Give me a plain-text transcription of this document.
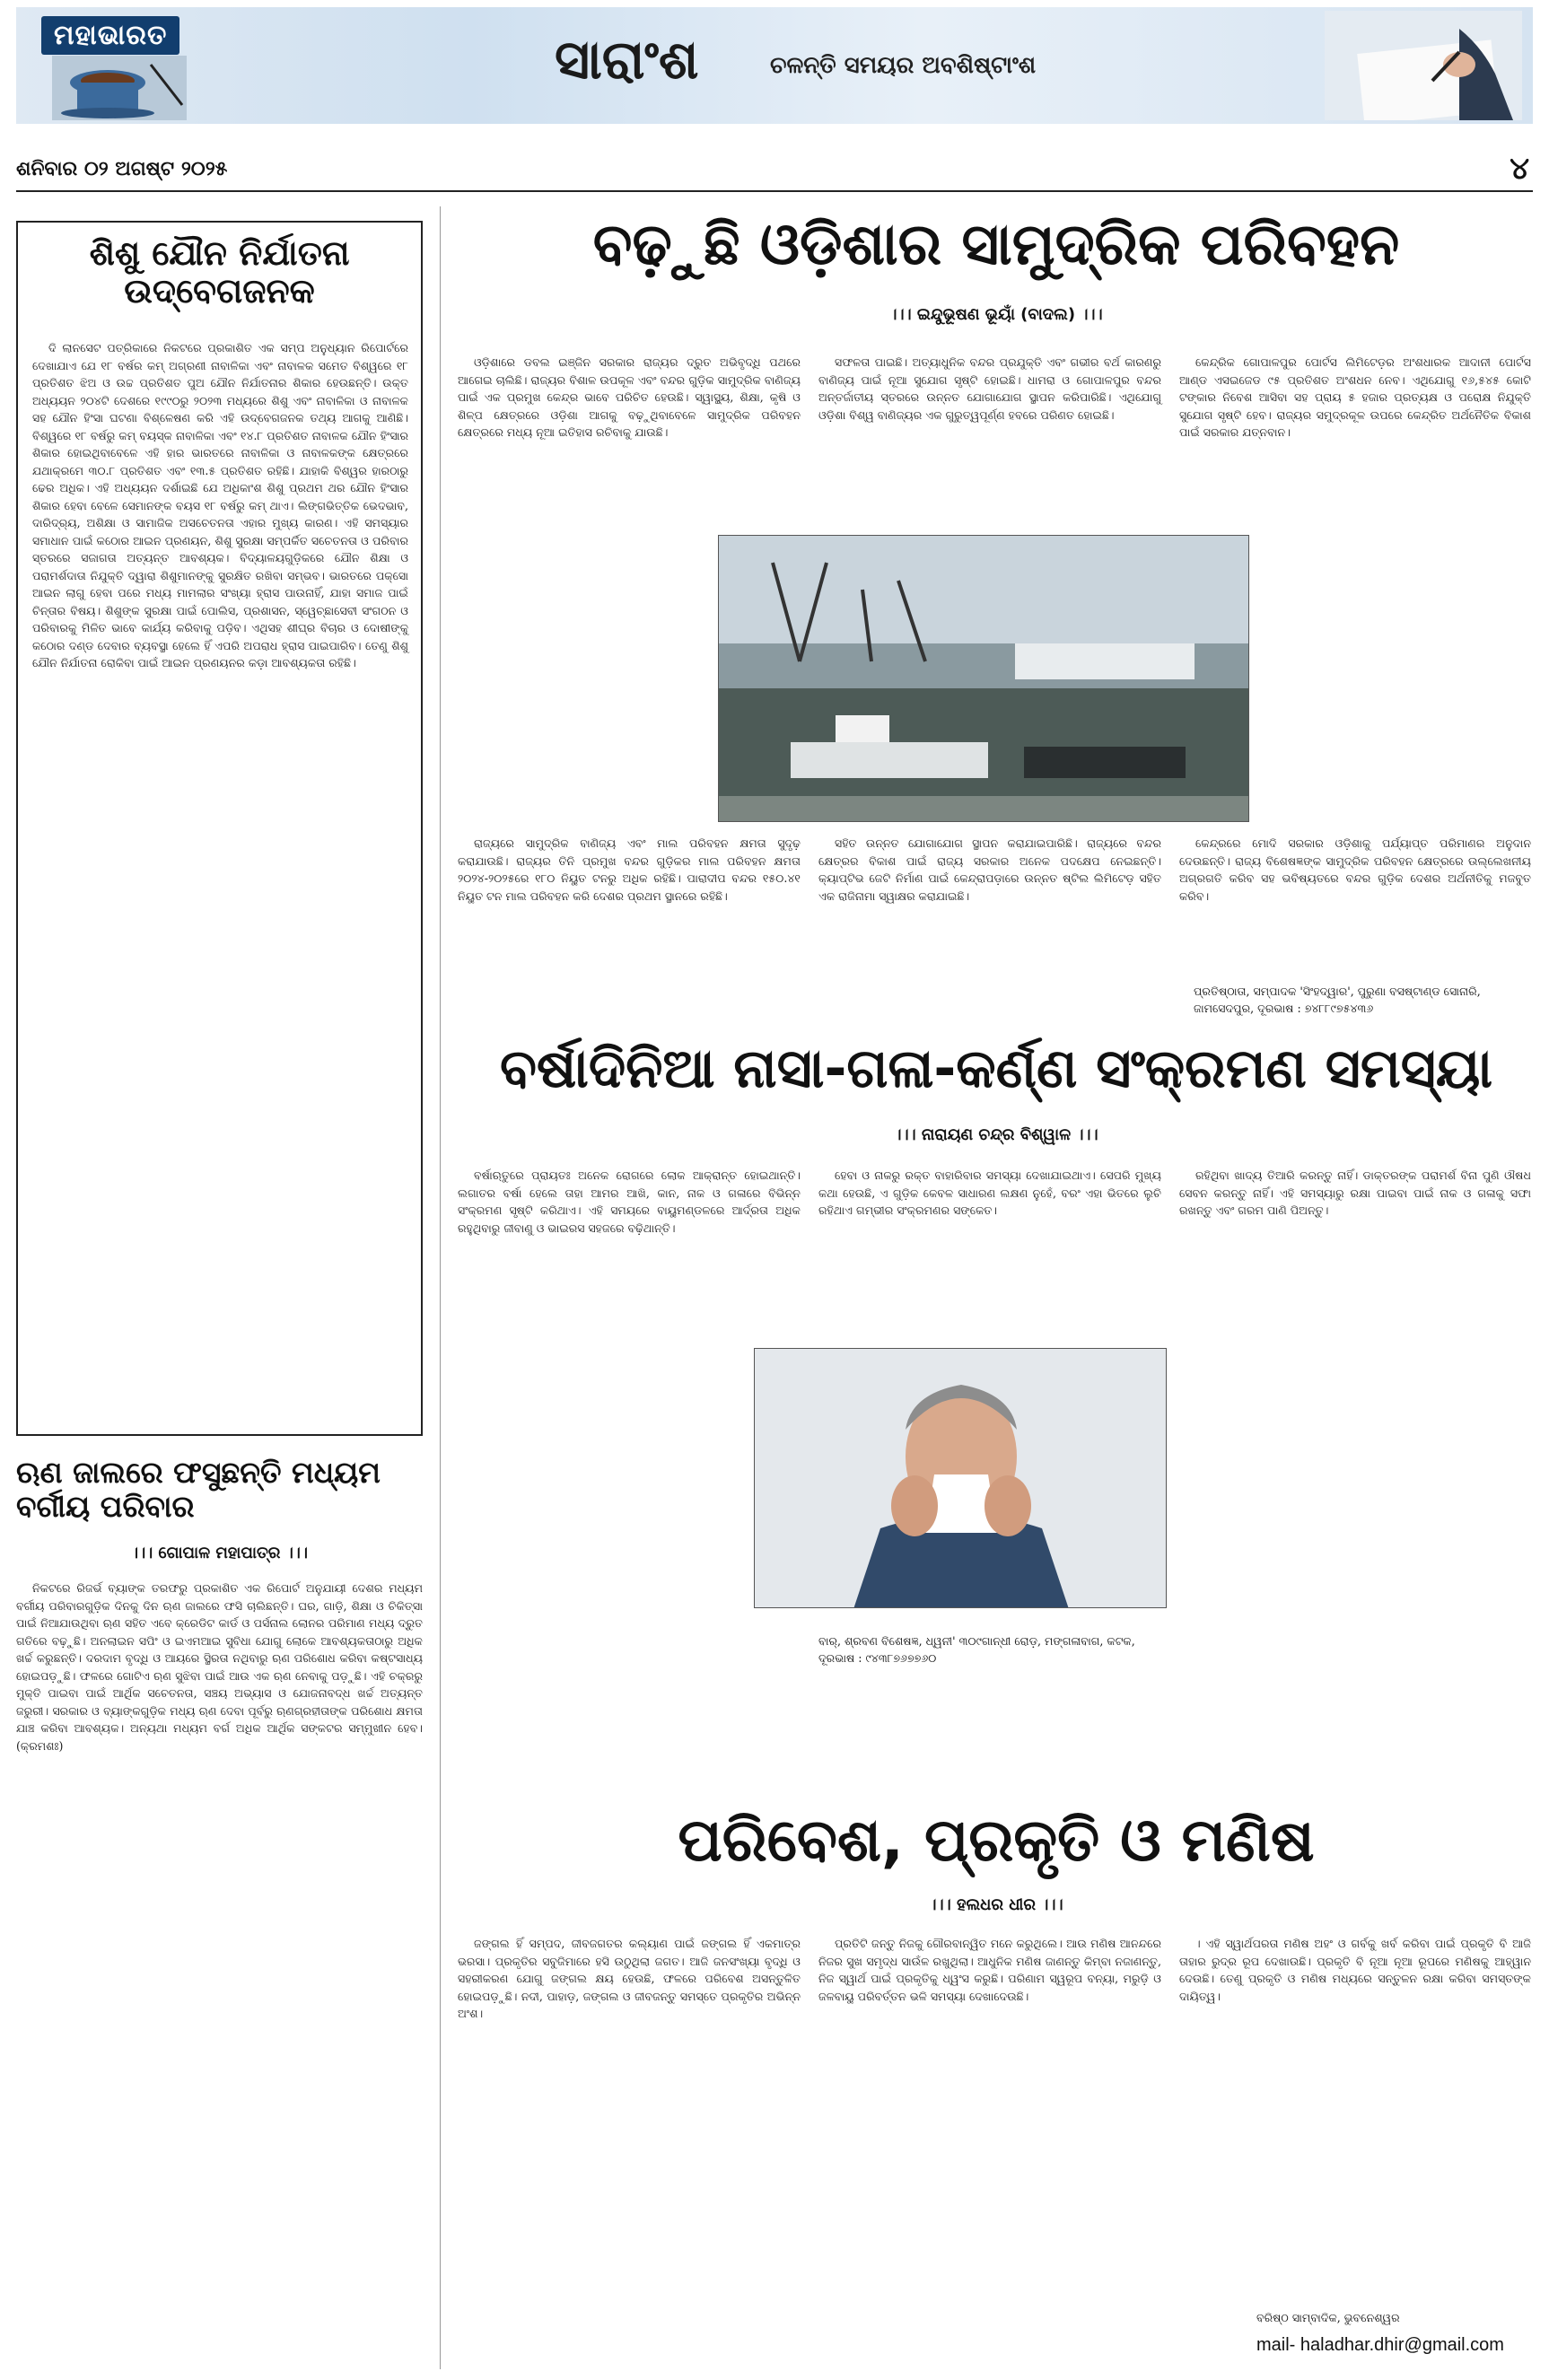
ମହାଭାରତ	ସାରାଂଶ	ଚଳନ୍ତି ସମୟର ଅବଶିଷ୍ଟାଂଶ
ଶନିବାର ୦୨ ଅଗଷ୍ଟ ୨୦୨୫	୪
ଶିଶୁ ଯୌନ ନିର୍ଯାତନା ଉଦ୍‌ବେଗଜନକ

ଦି ଲାନସେଟ ପତ୍ରିକାରେ ନିକଟରେ ପ୍ରକାଶିତ ଏକ ସମ୍ପ ଅନୁଧ୍ୟାନ ରିପୋର୍ଟରେ ଦେଖାଯାଏ ଯେ ୧୮ ବର୍ଷର କମ୍ ଅଗ୍ରଣୀ ନାବାଳିକା ଏବଂ ନାବାଳକ ସମେତ ବିଶ୍ୱରେ ୧୮ ପ୍ରତିଶତ ଝିଅ ଓ ଉଚ୍ଚ ପ୍ରତିଶତ ପୁଅ ଯୌନ ନିର୍ଯାତନାର ଶିକାର ହେଉଛନ୍ତି। ଉକ୍ତ ଅଧ୍ୟୟନ ୨୦୪ଟି ଦେଶରେ ୧୯୯୦ରୁ ୨୦୨୩ ମଧ୍ୟରେ ଶିଶୁ ଏବଂ ନାବାଳିକା ଓ ନାବାଳକ ସହ ଯୌନ ହିଂସା ଘଟଣା ବିଶ୍ଳେଷଣ କରି ଏହି ଉଦ୍‌ବେଗଜନକ ତଥ୍ୟ ଆଗକୁ ଆଣିଛି। ବିଶ୍ୱରେ ୧୮ ବର୍ଷରୁ କମ୍ ବୟସ୍କ ନାବାଳିକା ଏବଂ ୧୪.୮ ପ୍ରତିଶତ ନାବାଳକ ଯୌନ ହିଂସାର ଶିକାର ହୋଇଥିବାବେଳେ ଏହି ହାର ଭାରତରେ ନାବାଳିକା ଓ ନାବାଳକଙ୍କ କ୍ଷେତ୍ରରେ ଯଥାକ୍ରମେ ୩୦.୮ ପ୍ରତିଶତ ଏବଂ ୧୩.୫ ପ୍ରତିଶତ ରହିଛି। ଯାହାକି ବିଶ୍ୱର ହାରଠାରୁ ଢେର ଅଧିକ। ଏହି ଅଧ୍ୟୟନ ଦର୍ଶାଇଛି ଯେ ଅଧିକାଂଶ ଶିଶୁ ପ୍ରଥମ ଥର ଯୌନ ହିଂସାର ଶିକାର ହେବା ବେଳେ ସେମାନଙ୍କ ବୟସ ୧୮ ବର୍ଷରୁ କମ୍ ଥାଏ। ଲିଙ୍ଗଭିତ୍ତିକ ଭେଦଭାବ, ଦାରିଦ୍ର୍ୟ, ଅଶିକ୍ଷା ଓ ସାମାଜିକ ଅସଚେତନତା ଏହାର ମୁଖ୍ୟ କାରଣ। ଏହି ସମସ୍ୟାର ସମାଧାନ ପାଇଁ କଠୋର ଆଇନ ପ୍ରଣୟନ, ଶିଶୁ ସୁରକ୍ଷା ସମ୍ପର୍କିତ ସଚେତନତା ଓ ପରିବାର ସ୍ତରରେ ସଜାଗତା ଅତ୍ୟନ୍ତ ଆବଶ୍ୟକ। ବିଦ୍ୟାଳୟଗୁଡ଼ିକରେ ଯୌନ ଶିକ୍ଷା ଓ ପରାମର୍ଶଦାତା ନିଯୁକ୍ତି ଦ୍ୱାରା ଶିଶୁମାନଙ୍କୁ ସୁରକ୍ଷିତ ରଖିବା ସମ୍ଭବ। ଭାରତରେ ପକ୍ସୋ ଆଇନ ଲାଗୁ ହେବା ପରେ ମଧ୍ୟ ମାମଲାର ସଂଖ୍ୟା ହ୍ରାସ ପାଉନାହିଁ, ଯାହା ସମାଜ ପାଇଁ ଚିନ୍ତାର ବିଷୟ। ଶିଶୁଙ୍କ ସୁରକ୍ଷା ପାଇଁ ପୋଲିସ, ପ୍ରଶାସନ, ସ୍ୱେଚ୍ଛାସେବୀ ସଂଗଠନ ଓ ପରିବାରକୁ ମିଳିତ ଭାବେ କାର୍ଯ୍ୟ କରିବାକୁ ପଡ଼ିବ। ଏଥିସହ ଶୀଘ୍ର ବିଚାର ଓ ଦୋଷୀଙ୍କୁ କଠୋର ଦଣ୍ଡ ଦେବାର ବ୍ୟବସ୍ଥା ହେଲେ ହିଁ ଏପରି ଅପରାଧ ହ୍ରାସ ପାଇପାରିବ। ତେଣୁ ଶିଶୁ ଯୌନ ନିର୍ଯାତନା ରୋକିବା ପାଇଁ ଆଇନ ପ୍ରଣୟନର କଡ଼ା ଆବଶ୍ୟକତା ରହିଛି।

ଋଣ ଜାଲରେ ଫସୁଛନ୍ତି ମଧ୍ୟମ ବର୍ଗୀୟ ପରିବାର
।।। ଗୋପାଳ ମହାପାତ୍ର ।।।

ନିକଟରେ ରିଜର୍ଭ ବ୍ୟାଙ୍କ ତରଫରୁ ପ୍ରକାଶିତ ଏକ ରିପୋର୍ଟ ଅନୁଯାୟୀ ଦେଶର ମଧ୍ୟମ ବର୍ଗୀୟ ପରିବାରଗୁଡ଼ିକ ଦିନକୁ ଦିନ ଋଣ ଜାଲରେ ଫସି ଚାଲିଛନ୍ତି। ଘର, ଗାଡ଼ି, ଶିକ୍ଷା ଓ ଚିକିତ୍ସା ପାଇଁ ନିଆଯାଉଥିବା ଋଣ ସହିତ ଏବେ କ୍ରେଡିଟ କାର୍ଡ ଓ ପର୍ସନାଲ ଲୋନର ପରିମାଣ ମଧ୍ୟ ଦ୍ରୁତ ଗତିରେ ବଢ଼ୁଛି। ଅନଲାଇନ ସପିଂ ଓ ଇଏମଆଇ ସୁବିଧା ଯୋଗୁ ଲୋକେ ଆବଶ୍ୟକତାଠାରୁ ଅଧିକ ଖର୍ଚ୍ଚ କରୁଛନ୍ତି। ଦରଦାମ ବୃଦ୍ଧି ଓ ଆୟରେ ସ୍ଥିରତା ନଥିବାରୁ ଋଣ ପରିଶୋଧ କରିବା କଷ୍ଟସାଧ୍ୟ ହୋଇପଡ଼ୁଛି। ଫଳରେ ଗୋଟିଏ ଋଣ ସୁଝିବା ପାଇଁ ଆଉ ଏକ ଋଣ ନେବାକୁ ପଡ଼ୁଛି। ଏହି ଚକ୍ରରୁ ମୁକ୍ତି ପାଇବା ପାଇଁ ଆର୍ଥିକ ସଚେତନତା, ସଞ୍ଚୟ ଅଭ୍ୟାସ ଓ ଯୋଜନାବଦ୍ଧ ଖର୍ଚ୍ଚ ଅତ୍ୟନ୍ତ ଜରୁରୀ। ସରକାର ଓ ବ୍ୟାଙ୍କଗୁଡ଼ିକ ମଧ୍ୟ ଋଣ ଦେବା ପୂର୍ବରୁ ଋଣଗ୍ରହୀତାଙ୍କ ପରିଶୋଧ କ୍ଷମତା ଯାଞ୍ଚ କରିବା ଆବଶ୍ୟକ। ଅନ୍ୟଥା ମଧ୍ୟମ ବର୍ଗ ଅଧିକ ଆର୍ଥିକ ସଙ୍କଟର ସମ୍ମୁଖୀନ ହେବ। (କ୍ରମଶଃ)

ବଢ଼ୁଛି ଓଡ଼ିଶାର ସାମୁଦ୍ରିକ ପରିବହନ
।।। ଇନ୍ଦୁଭୂଷଣ ଭୂୟାଁ (ବାଦଲ) ।।।

ଓଡ଼ିଶାରେ ଡବଲ ଇଞ୍ଜିନ ସରକାର ରାଜ୍ୟର ଦ୍ରୁତ ଅଭିବୃଦ୍ଧି ପଥରେ ଆଗେଇ ଚାଲିଛି। ରାଜ୍ୟର ବିଶାଳ ଉପକୂଳ ଏବଂ ବନ୍ଦର ଗୁଡ଼ିକ ସାମୁଦ୍ରିକ ବାଣିଜ୍ୟ ପାଇଁ ଏକ ପ୍ରମୁଖ କେନ୍ଦ୍ର ଭାବେ ପରିଚିତ ହେଉଛି। ସ୍ୱାସ୍ଥ୍ୟ, ଶିକ୍ଷା, କୃଷି ଓ ଶିଳ୍ପ କ୍ଷେତ୍ରରେ ଓଡ଼ିଶା ଆଗକୁ ବଢ଼ୁଥିବାବେଳେ ସାମୁଦ୍ରିକ ପରିବହନ କ୍ଷେତ୍ରରେ ମଧ୍ୟ ନୂଆ ଇତିହାସ ରଚିବାକୁ ଯାଉଛି।

ସଫଳତା ପାଇଛି। ଅତ୍ୟାଧୁନିକ ବନ୍ଦର ପ୍ରଯୁକ୍ତି ଏବଂ ଗଭୀର ବର୍ଥ କାରଣରୁ ବାଣିଜ୍ୟ ପାଇଁ ନୂଆ ସୁଯୋଗ ସୃଷ୍ଟି ହୋଇଛି। ଧାମରା ଓ ଗୋପାଳପୁର ବନ୍ଦର ଅନ୍ତର୍ଜାତୀୟ ସ୍ତରରେ ଉନ୍ନତ ଯୋଗାଯୋଗ ସ୍ଥାପନ କରିପାରିଛି। ଏଥିଯୋଗୁ ଓଡ଼ିଶା ବିଶ୍ୱ ବାଣିଜ୍ୟର ଏକ ଗୁରୁତ୍ୱପୂର୍ଣ୍ଣ ହବରେ ପରିଣତ ହୋଇଛି।

କେନ୍ଦ୍ରିକ ଗୋପାଳପୁର ପୋର୍ଟସ ଲିମିଟେଡ଼ର ଅଂଶଧାରକ ଆଦାନୀ ପୋର୍ଟସ ଆଣ୍ଡ ଏସଇଜେଡ ୯୫ ପ୍ରତିଶତ ଅଂଶଧନ ନେବ। ଏଥିଯୋଗୁ ୧୬,୫୪୫ କୋଟି ଟଙ୍କାର ନିବେଶ ଆସିବା ସହ ପ୍ରାୟ ୫ ହଜାର ପ୍ରତ୍ୟକ୍ଷ ଓ ପରୋକ୍ଷ ନିଯୁକ୍ତି ସୁଯୋଗ ସୃଷ୍ଟି ହେବ। ରାଜ୍ୟର ସମୁଦ୍ରକୂଳ ଉପରେ କେନ୍ଦ୍ରିତ ଅର୍ଥନୈତିକ ବିକାଶ ପାଇଁ ସରକାର ଯତ୍ନବାନ।

ରାଜ୍ୟରେ ସାମୁଦ୍ରିକ ବାଣିଜ୍ୟ ଏବଂ ମାଲ ପରିବହନ କ୍ଷମତା ସୁଦୃଢ଼ କରାଯାଉଛି। ରାଜ୍ୟର ତିନି ପ୍ରମୁଖ ବନ୍ଦର ଗୁଡ଼ିକର ମାଲ ପରିବହନ କ୍ଷମତା ୨୦୨୪-୨୦୨୫ରେ ୧୮୦ ନିୟୁତ ଟନରୁ ଅଧିକ ରହିଛି। ପାରାଦୀପ ବନ୍ଦର ୧୫୦.୪୧ ନିୟୁତ ଟନ ମାଲ ପରିବହନ କରି ଦେଶର ପ୍ରଥମ ସ୍ଥାନରେ ରହିଛି।

ସହିତ ଉନ୍ନତ ଯୋଗାଯୋଗ ସ୍ଥାପନ କରାଯାଇପାରିଛି। ରାଜ୍ୟରେ ବନ୍ଦର କ୍ଷେତ୍ରର ବିକାଶ ପାଇଁ ରାଜ୍ୟ ସରକାର ଅନେକ ପଦକ୍ଷେପ ନେଇଛନ୍ତି। କ୍ୟାପ୍ଟିଭ ଜେଟି ନିର୍ମାଣ ପାଇଁ କେନ୍ଦ୍ରାପଡ଼ାରେ ଉନ୍ନତ ଷ୍ଟିଲ ଲିମିଟେଡ଼ ସହିତ ଏକ ରାଜିନାମା ସ୍ୱାକ୍ଷର କରାଯାଇଛି।

କେନ୍ଦ୍ରରେ ମୋଦି ସରକାର ଓଡ଼ିଶାକୁ ପର୍ଯ୍ୟାପ୍ତ ପରିମାଣର ଅନୁଦାନ ଦେଉଛନ୍ତି। ରାଜ୍ୟ ବିଶେଷଜ୍ଞଙ୍କ ସାମୁଦ୍ରିକ ପରିବହନ କ୍ଷେତ୍ରରେ ଉଲ୍ଲେଖନୀୟ ଅଗ୍ରଗତି କରିବ ସହ ଭବିଷ୍ୟତରେ ବନ୍ଦର ଗୁଡ଼ିକ ଦେଶର ଅର୍ଥନୀତିକୁ ମଜବୁତ କରିବ।

ପ୍ରତିଷ୍ଠାତା, ସମ୍ପାଦକ 'ସିଂହଦ୍ୱାର', ପୁରୁଣା ବସଷ୍ଟାଣ୍ଡ ସୋନାରି, ଜାମସେଦପୁର, ଦୂରଭାଷ : ୭୪୮୮୯୭୫୪୩୬
ବର୍ଷାଦିନିଆ ନାସା-ଗଳା-କର୍ଣ୍ଣ ସଂକ୍ରମଣ ସମସ୍ୟା
।।। ନାରାୟଣ ଚନ୍ଦ୍ର ବିଶ୍ୱାଳ ।।।

ବର୍ଷାଋତୁରେ ପ୍ରାୟତଃ ଅନେକ ରୋଗରେ ଲୋକ ଆକ୍ରାନ୍ତ ହୋଇଥାନ୍ତି। ଲଗାତର ବର୍ଷା ହେଲେ ତାହା ଆମର ଆଖି, କାନ, ନାକ ଓ ଗଳାରେ ବିଭିନ୍ନ ସଂକ୍ରମଣ ସୃଷ୍ଟି କରିଥାଏ। ଏହି ସମୟରେ ବାୟୁମଣ୍ଡଳରେ ଆର୍ଦ୍ରତା ଅଧିକ ରହୁଥିବାରୁ ଜୀବାଣୁ ଓ ଭାଇରସ ସହଜରେ ବଢ଼ିଥାନ୍ତି।

ହେବା ଓ ନାକରୁ ରକ୍ତ ବାହାରିବାର ସମସ୍ୟା ଦେଖାଯାଇଥାଏ। ସେପରି ମୁଖ୍ୟ କଥା ହେଉଛି, ଏ ଗୁଡ଼ିକ କେବଳ ସାଧାରଣ ଲକ୍ଷଣ ନୁହେଁ, ବରଂ ଏହା ଭିତରେ ଲୁଚି ରହିଥାଏ ଗମ୍ଭୀର ସଂକ୍ରମଣର ସଙ୍କେତ।

ରହିଥିବା ଖାଦ୍ୟ ତିଆରି କରନ୍ତୁ ନାହିଁ। ଡାକ୍ତରଙ୍କ ପରାମର୍ଶ ବିନା ପୁଣି ଔଷଧ ସେବନ କରନ୍ତୁ ନାହିଁ। ଏହି ସମସ୍ୟାରୁ ରକ୍ଷା ପାଇବା ପାଇଁ ନାକ ଓ ଗଳାକୁ ସଫା ରଖନ୍ତୁ ଏବଂ ଗରମ ପାଣି ପିଅନ୍ତୁ।

ବାର୍, ଶ୍ରବଣ ବିଶେଷଜ୍ଞ, ଧ୍ୱନୀ' ୩୦୯ଗାନ୍ଧୀ ରୋଡ଼, ମଙ୍ଗଳାବାଗ, କଟକ, ଦୂରଭାଷ : ୯୪୩୮୭୬୭୭୬୦
ପରିବେଶ, ପ୍ରକୃତି ଓ ମଣିଷ
।।। ହଲଧର ଧୀର ।।।

ଜଙ୍ଗଲ ହିଁ ସମ୍ପଦ, ଜୀବଜଗତର କଲ୍ୟାଣ ପାଇଁ ଜଙ୍ଗଲ ହିଁ ଏକମାତ୍ର ଭରସା। ପ୍ରକୃତିର ସବୁଜିମାରେ ହସି ଉଠୁଥିଲା ଜଗତ। ଆଜି ଜନସଂଖ୍ୟା ବୃଦ୍ଧି ଓ ସହରୀକରଣ ଯୋଗୁ ଜଙ୍ଗଲ କ୍ଷୟ ହେଉଛି, ଫଳରେ ପରିବେଶ ଅସନ୍ତୁଳିତ ହୋଇପଡ଼ୁଛି। ନଦୀ, ପାହାଡ଼, ଜଙ୍ଗଲ ଓ ଜୀବଜନ୍ତୁ ସମସ୍ତେ ପ୍ରକୃତିର ଅଭିନ୍ନ ଅଂଶ।

ପ୍ରତିଟି ଜନ୍ତୁ ନିଜକୁ ଗୌରବାନ୍ୱିତ ମନେ କରୁଥିଲେ। ଆଉ ମଣିଷ ଆନନ୍ଦରେ ନିଜର ସୁଖ ସମୃଦ୍ଧ ସାଉଁଳ ରଖୁଥିଲା। ଆଧୁନିକ ମଣିଷ ଜାଣନ୍ତୁ କିମ୍ବା ନଜାଣନ୍ତୁ, ନିଜ ସ୍ୱାର୍ଥ ପାଇଁ ପ୍ରକୃତିକୁ ଧ୍ୱଂସ କରୁଛି। ପରିଣାମ ସ୍ୱରୂପ ବନ୍ୟା, ମରୁଡ଼ି ଓ ଜଳବାୟୁ ପରିବର୍ତ୍ତନ ଭଳି ସମସ୍ୟା ଦେଖାଦେଉଛି।

। ଏହି ସ୍ୱାର୍ଥପରତା ମଣିଷ ଅହଂ ଓ ଗର୍ବକୁ ଖର୍ବ କରିବା ପାଇଁ ପ୍ରକୃତି ବି ଆଜି ତାହାର ରୁଦ୍ର ରୂପ ଦେଖାଉଛି। ପ୍ରକୃତି ବି ନୂଆ ନୂଆ ରୂପରେ ମଣିଷକୁ ଆହ୍ୱାନ ଦେଉଛି। ତେଣୁ ପ୍ରକୃତି ଓ ମଣିଷ ମଧ୍ୟରେ ସନ୍ତୁଳନ ରକ୍ଷା କରିବା ସମସ୍ତଙ୍କ ଦାୟିତ୍ୱ।

ବରିଷ୍ଠ ସାମ୍ବାଦିକ, ଭୁବନେଶ୍ୱର
mail- haladhar.dhir@gmail.com
